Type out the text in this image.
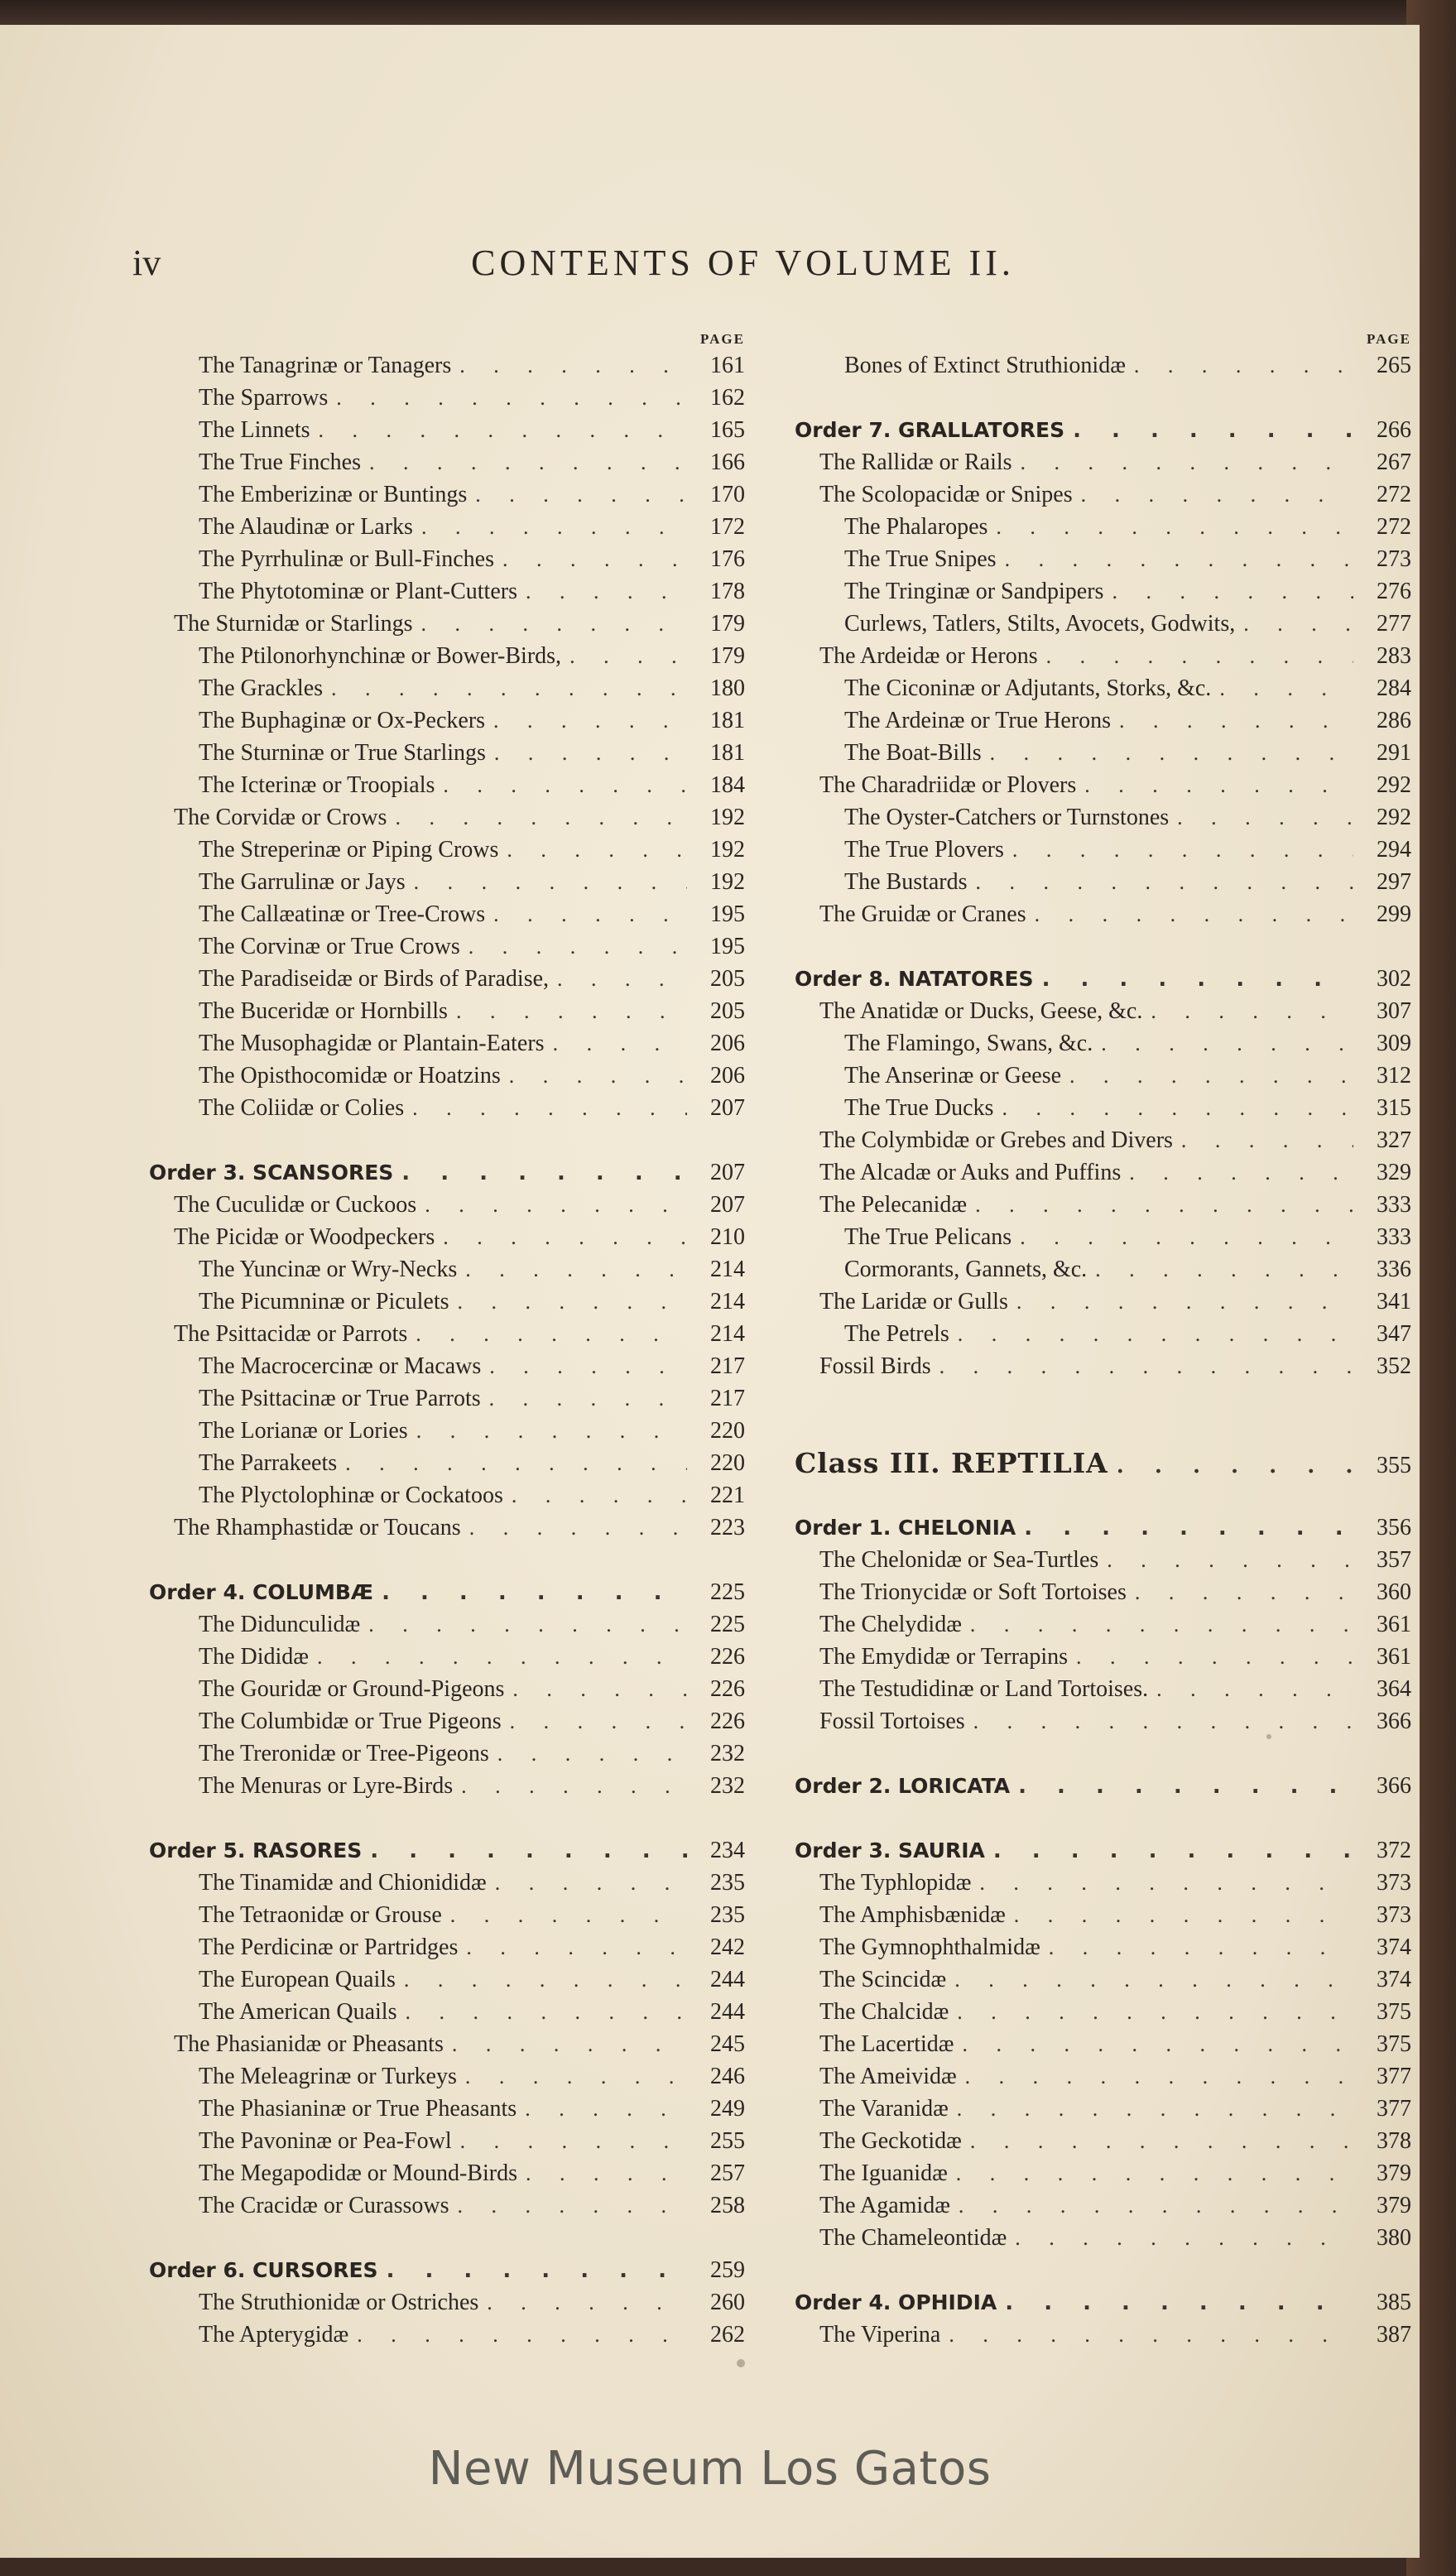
iv	CONTENTS OF VOLUME II.
PAGE
The Tanagrinæ or Tanagers . . .	161
The Sparrows . . .	162
The Linnets . . .	165
The True Finches . . .	166
The Emberizinæ or Buntings . . .	170
The Alaudinæ or Larks . . .	172
The Pyrrhulinæ or Bull-Finches . . .	176
The Phytotominæ or Plant-Cutters . . .	178
The Sturnidæ or Starlings . . .	179
The Ptilonorhynchinæ or Bower-Birds, . . .	179
The Grackles . . .	180
The Buphaginæ or Ox-Peckers . . .	181
The Sturninæ or True Starlings . . .	181
The Icterinæ or Troopials . . .	184
The Corvidæ or Crows . . .	192
The Streperinæ or Piping Crows . . .	192
The Garrulinæ or Jays . . .	192
The Callæatinæ or Tree-Crows . . .	195
The Corvinæ or True Crows . . .	195
The Paradiseidæ or Birds of Paradise, . . .	205
The Buceridæ or Hornbills . . .	205
The Musophagidæ or Plantain-Eaters . . .	206
The Opisthocomidæ or Hoatzins . . .	206
The Coliidæ or Colies . . .	207
Order 3. SCANSORES . . .	207
The Cuculidæ or Cuckoos . . .	207
The Picidæ or Woodpeckers . . .	210
The Yuncinæ or Wry-Necks . . .	214
The Picumninæ or Piculets . . .	214
The Psittacidæ or Parrots . . .	214
The Macrocercinæ or Macaws . . .	217
The Psittacinæ or True Parrots . . .	217
The Lorianæ or Lories . . .	220
The Parrakeets . . .	220
The Plyctolophinæ or Cockatoos . . .	221
The Rhamphastidæ or Toucans . . .	223
Order 4. COLUMBÆ . . .	225
The Didunculidæ . . .	225
The Dididæ . . .	226
The Gouridæ or Ground-Pigeons . . .	226
The Columbidæ or True Pigeons . . .	226
The Treronidæ or Tree-Pigeons . . .	232
The Menuras or Lyre-Birds . . .	232
Order 5. RASORES . . .	234
The Tinamidæ and Chionididæ . . .	235
The Tetraonidæ or Grouse . . .	235
The Perdicinæ or Partridges . . .	242
The European Quails . . .	244
The American Quails . . .	244
The Phasianidæ or Pheasants . . .	245
The Meleagrinæ or Turkeys . . .	246
The Phasianinæ or True Pheasants . . .	249
The Pavoninæ or Pea-Fowl . . .	255
The Megapodidæ or Mound-Birds . . .	257
The Cracidæ or Curassows . . .	258
Order 6. CURSORES . . .	259
The Struthionidæ or Ostriches . . .	260
The Apterygidæ . . .	262
PAGE
Bones of Extinct Struthionidæ . . .	265
Order 7. GRALLATORES . . .	266
The Rallidæ or Rails . . .	267
The Scolopacidæ or Snipes . . .	272
The Phalaropes . . .	272
The True Snipes . . .	273
The Tringinæ or Sandpipers . . .	276
Curlews, Tatlers, Stilts, Avocets, Godwits, . . .	277
The Ardeidæ or Herons . . .	283
The Ciconinæ or Adjutants, Storks, &c. . . .	284
The Ardeinæ or True Herons . . .	286
The Boat-Bills . . .	291
The Charadriidæ or Plovers . . .	292
The Oyster-Catchers or Turnstones . . .	292
The True Plovers . . .	294
The Bustards . . .	297
The Gruidæ or Cranes . . .	299
Order 8. NATATORES . . .	302
The Anatidæ or Ducks, Geese, &c. . . .	307
The Flamingo, Swans, &c. . . .	309
The Anserinæ or Geese . . .	312
The True Ducks . . .	315
The Colymbidæ or Grebes and Divers . . .	327
The Alcadæ or Auks and Puffins . . .	329
The Pelecanidæ . . .	333
The True Pelicans . . .	333
Cormorants, Gannets, &c. . . .	336
The Laridæ or Gulls . . .	341
The Petrels . . .	347
Fossil Birds . . .	352
Class III. REPTILIA . . .	355
Order 1. CHELONIA . . .	356
The Chelonidæ or Sea-Turtles . . .	357
The Trionycidæ or Soft Tortoises . . .	360
The Chelydidæ . . .	361
The Emydidæ or Terrapins . . .	361
The Testudidinæ or Land Tortoises. . . .	364
Fossil Tortoises . . .	366
Order 2. LORICATA . . .	366
Order 3. SAURIA . . .	372
The Typhlopidæ . . .	373
The Amphisbænidæ . . .	373
The Gymnophthalmidæ . . .	374
The Scincidæ . . .	374
The Chalcidæ . . .	375
The Lacertidæ . . .	375
The Ameividæ . . .	377
The Varanidæ . . .	377
The Geckotidæ . . .	378
The Iguanidæ . . .	379
The Agamidæ . . .	379
The Chameleontidæ . . .	380
Order 4. OPHIDIA . . .	385
The Viperina . . .	387
New Museum Los Gatos
